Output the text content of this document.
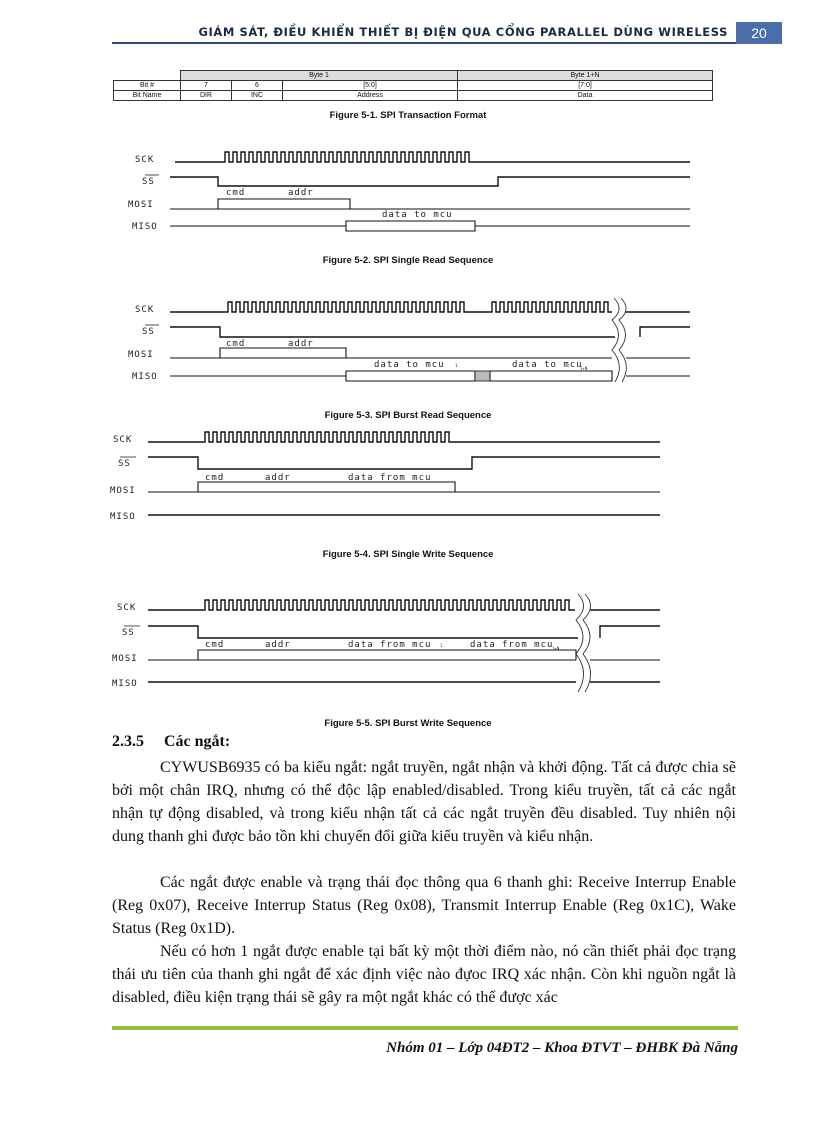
GIÁM SÁT, ĐIỀU KHIỂN THIẾT BỊ ĐIỆN QUA CỔNG PARALLEL DÙNG WIRELESS	20
	Byte 1			Byte 1+N
Bit #	7	6	[5:0]	[7:0]
Bit Name	DIR	INC	Address	Data
Figure 5-1. SPI Transaction Format
SCK
SS
cmd	addr
MOSI
data to mcu
MISO
Figure 5-2. SPI Single Read Sequence
SCK
SS
cmd	addr
MOSI
data to mcu	1	data to mcu
1+N
MISO
Figure 5-3. SPI Burst Read Sequence
SCK
SS
cmd	addr	data from mcu
MOSI
MISO
Figure 5-4. SPI Single Write Sequence
SCK
SS
cmd	addr	data from mcu 1	data from mcu
1+N
MOSI
MISO
Figure 5-5. SPI Burst Write Sequence
2.3.5 Các ngắt:
CYWUSB6935 có ba kiểu ngắt: ngắt truyền, ngắt nhận và khởi động. Tất cả được chia sẽ bởi một chân IRQ, nhưng có thể độc lập enabled/disabled. Trong kiểu truyền, tất cả các ngắt nhận tự động disabled, và trong kiểu nhận tất cả các ngắt truyền đều disabled. Tuy nhiên nội dung thanh ghi được bảo tồn khi chuyển đổi giữa kiểu truyền và kiểu nhận.
Các ngắt được enable và trạng thái đọc thông qua 6 thanh ghi: Receive Interrup Enable (Reg 0x07), Receive Interrup Status (Reg 0x08), Transmit Interrup Enable (Reg 0x1C), Wake Status (Reg 0x1D).
Nếu có hơn 1 ngắt được enable tại bất kỳ một thời điểm nào, nó cần thiết phải đọc trạng thái ưu tiên của thanh ghi ngắt để xác định việc nào đựoc IRQ xác nhận. Còn khi nguồn ngắt là disabled, điều kiện trạng thái sẽ gây ra một ngắt khác có thể được xác
Nhóm 01 – Lớp 04ĐT2 – Khoa ĐTVT – ĐHBK Đà Nẵng
